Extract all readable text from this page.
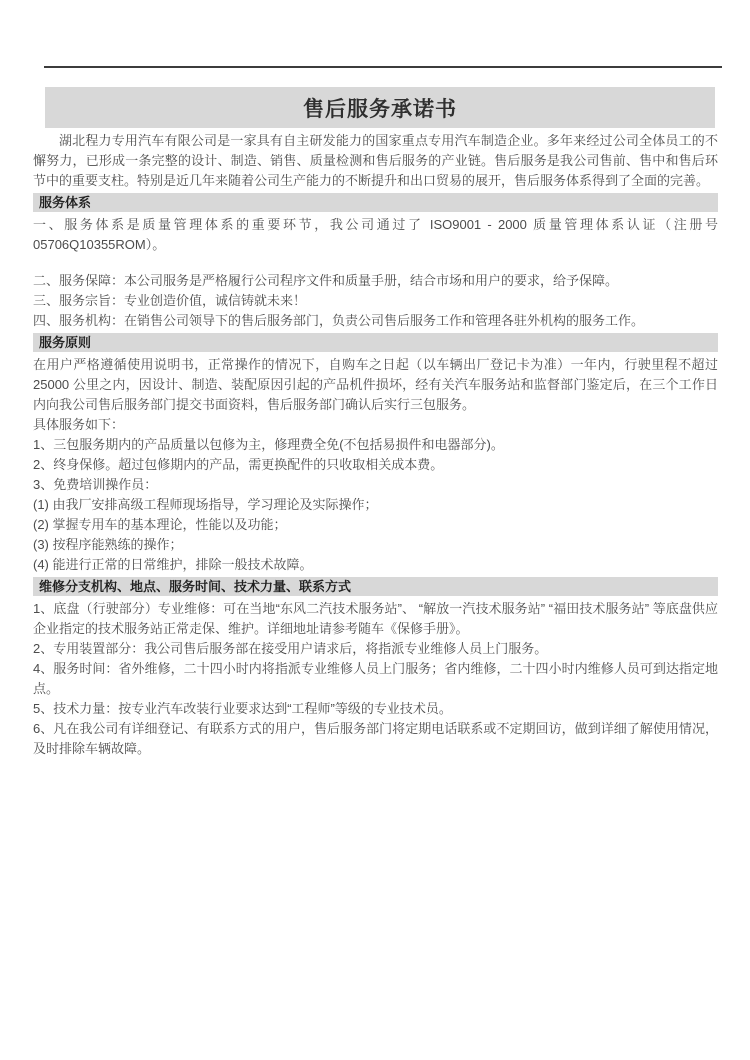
售后服务承诺书

湖北程力专用汽车有限公司是一家具有自主研发能力的国家重点专用汽车制造企业。多年来经过公司全体员工的不懈努力，已形成一条完整的设计、制造、销售、质量检测和售后服务的产业链。售后服务是我公司售前、售中和售后环节中的重要支柱。特别是近几年来随着公司生产能力的不断提升和出口贸易的展开，售后服务体系得到了全面的完善。

服务体系

一、服务体系是质量管理体系的重要环节，我公司通过了 ISO9001 - 2000 质量管理体系认证（注册号 05706Q10355ROM）。

二、服务保障：本公司服务是严格履行公司程序文件和质量手册，结合市场和用户的要求，给予保障。

三、服务宗旨：专业创造价值，诚信铸就未来！

四、服务机构：在销售公司领导下的售后服务部门，负责公司售后服务工作和管理各驻外机构的服务工作。

服务原则

在用户严格遵循使用说明书，正常操作的情况下，自购车之日起（以车辆出厂登记卡为准）一年内，行驶里程不超过 25000 公里之内，因设计、制造、装配原因引起的产品机件损坏，经有关汽车服务站和监督部门鉴定后，在三个工作日内向我公司售后服务部门提交书面资料，售后服务部门确认后实行三包服务。

具体服务如下：

1、三包服务期内的产品质量以包修为主，修理费全免(不包括易损件和电器部分)。

2、终身保修。超过包修期内的产品，需更换配件的只收取相关成本费。

3、免费培训操作员：

(1) 由我厂安排高级工程师现场指导，学习理论及实际操作；

(2) 掌握专用车的基本理论，性能以及功能；

(3) 按程序能熟练的操作；

(4) 能进行正常的日常维护，排除一般技术故障。

维修分支机构、地点、服务时间、技术力量、联系方式

1、底盘（行驶部分）专业维修：可在当地“东风二汽技术服务站”、 “解放一汽技术服务站” “福田技术服务站” 等底盘供应企业指定的技术服务站正常走保、维护。详细地址请参考随车《保修手册》。

2、专用装置部分：我公司售后服务部在接受用户请求后，将指派专业维修人员上门服务。

4、服务时间：省外维修，二十四小时内将指派专业维修人员上门服务；省内维修，二十四小时内维修人员可到达指定地点。

5、技术力量：按专业汽车改装行业要求达到“工程师”等级的专业技术员。

6、凡在我公司有详细登记、有联系方式的用户，售后服务部门将定期电话联系或不定期回访，做到详细了解使用情况，及时排除车辆故障。
